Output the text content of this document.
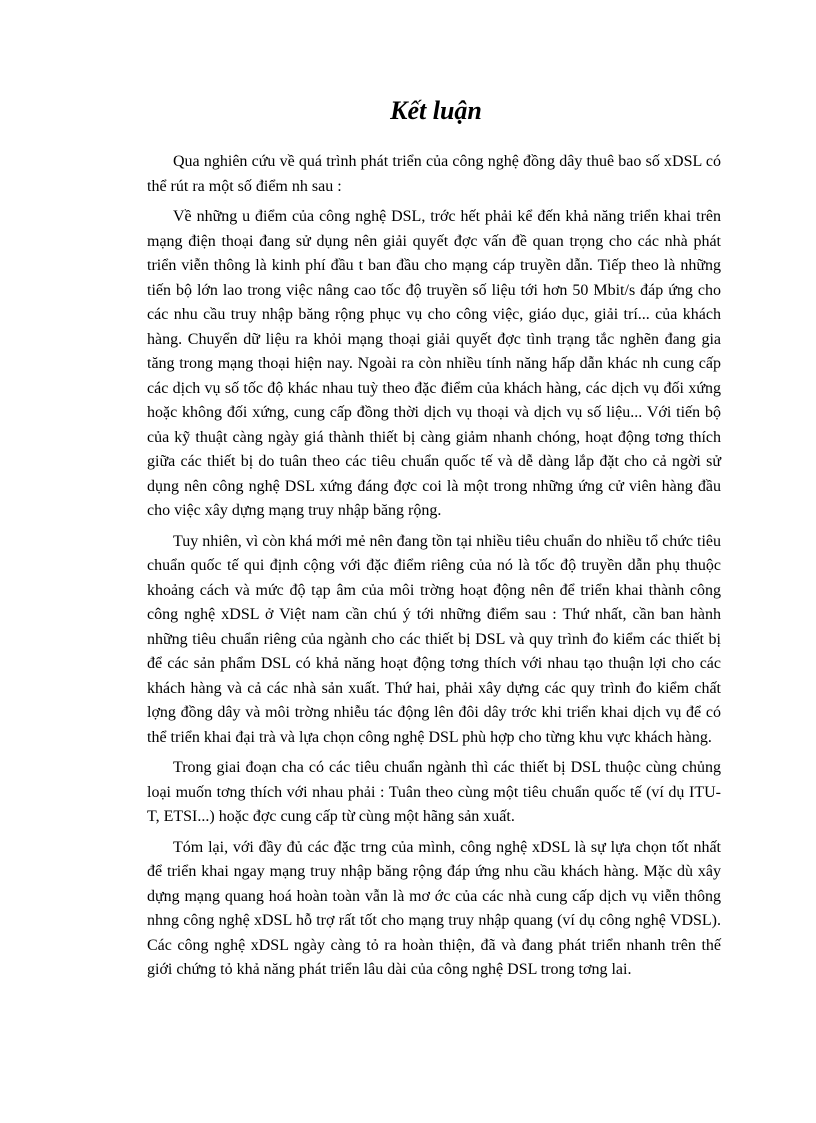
Kết luận

Qua nghiên cứu về quá trình phát triển của công nghệ đồng dây thuê bao số xDSL có thể rút ra một số điểm nh sau :

Về những u điểm của công nghệ DSL, trớc hết phải kể đến khả năng triển khai trên mạng điện thoại đang sử dụng nên giải quyết đợc vấn đề quan trọng cho các nhà phát triển viễn thông là kinh phí đầu t ban đầu cho mạng cáp truyền dẫn. Tiếp theo là những tiến bộ lớn lao trong việc nâng cao tốc độ truyền số liệu tới hơn 50 Mbit/s đáp ứng cho các nhu cầu truy nhập băng rộng phục vụ cho công việc, giáo dục, giải trí... của khách hàng. Chuyển dữ liệu ra khỏi mạng thoại giải quyết đợc tình trạng tắc nghẽn đang gia tăng trong mạng thoại hiện nay. Ngoài ra còn nhiều tính năng hấp dẫn khác nh cung cấp các dịch vụ số tốc độ khác nhau tuỳ theo đặc điểm của khách hàng, các dịch vụ đối xứng hoặc không đối xứng, cung cấp đồng thời dịch vụ thoại và dịch vụ số liệu... Với tiến bộ của kỹ thuật càng ngày giá thành thiết bị càng giảm nhanh chóng, hoạt động tơng thích giữa các thiết bị do tuân theo các tiêu chuẩn quốc tế và dễ dàng lắp đặt cho cả ngời sử dụng nên công nghệ DSL xứng đáng đợc coi là một trong những ứng cử viên hàng đầu cho việc xây dựng mạng truy nhập băng rộng.

Tuy nhiên, vì còn khá mới mẻ nên đang tồn tại nhiều tiêu chuẩn do nhiều tổ chức tiêu chuẩn quốc tế qui định cộng với đặc điểm riêng của nó là tốc độ truyền dẫn phụ thuộc khoảng cách và mức độ tạp âm của môi trờng hoạt động nên để triển khai thành công công nghệ xDSL ở Việt nam cần chú ý tới những điểm sau : Thứ nhất, cần ban hành những tiêu chuẩn riêng của ngành cho các thiết bị DSL và quy trình đo kiểm các thiết bị để các sản phẩm DSL có khả năng hoạt động tơng thích với nhau tạo thuận lợi cho các khách hàng và cả các nhà sản xuất. Thứ hai, phải xây dựng các quy trình đo kiểm chất lợng đồng dây và môi trờng nhiễu tác động lên đôi dây trớc khi triển khai dịch vụ để có thể triển khai đại trà và lựa chọn công nghệ DSL phù hợp cho từng khu vực khách hàng.

Trong giai đoạn cha có các tiêu chuẩn ngành thì các thiết bị DSL thuộc cùng chủng loại muốn tơng thích với nhau phải : Tuân theo cùng một tiêu chuẩn quốc tế (ví dụ ITU-T, ETSI...) hoặc đợc cung cấp từ cùng một hãng sản xuất.

Tóm lại, với đầy đủ các đặc trng của mình, công nghệ xDSL là sự lựa chọn tốt nhất để triển khai ngay mạng truy nhập băng rộng đáp ứng nhu cầu khách hàng. Mặc dù xây dựng mạng quang hoá hoàn toàn vẫn là mơ ớc của các nhà cung cấp dịch vụ viễn thông nhng công nghệ xDSL hỗ trợ rất tốt cho mạng truy nhập quang (ví dụ công nghệ VDSL). Các công nghệ xDSL ngày càng tỏ ra hoàn thiện, đã và đang phát triển nhanh trên thế giới chứng tỏ khả năng phát triển lâu dài của công nghệ DSL trong tơng lai.
